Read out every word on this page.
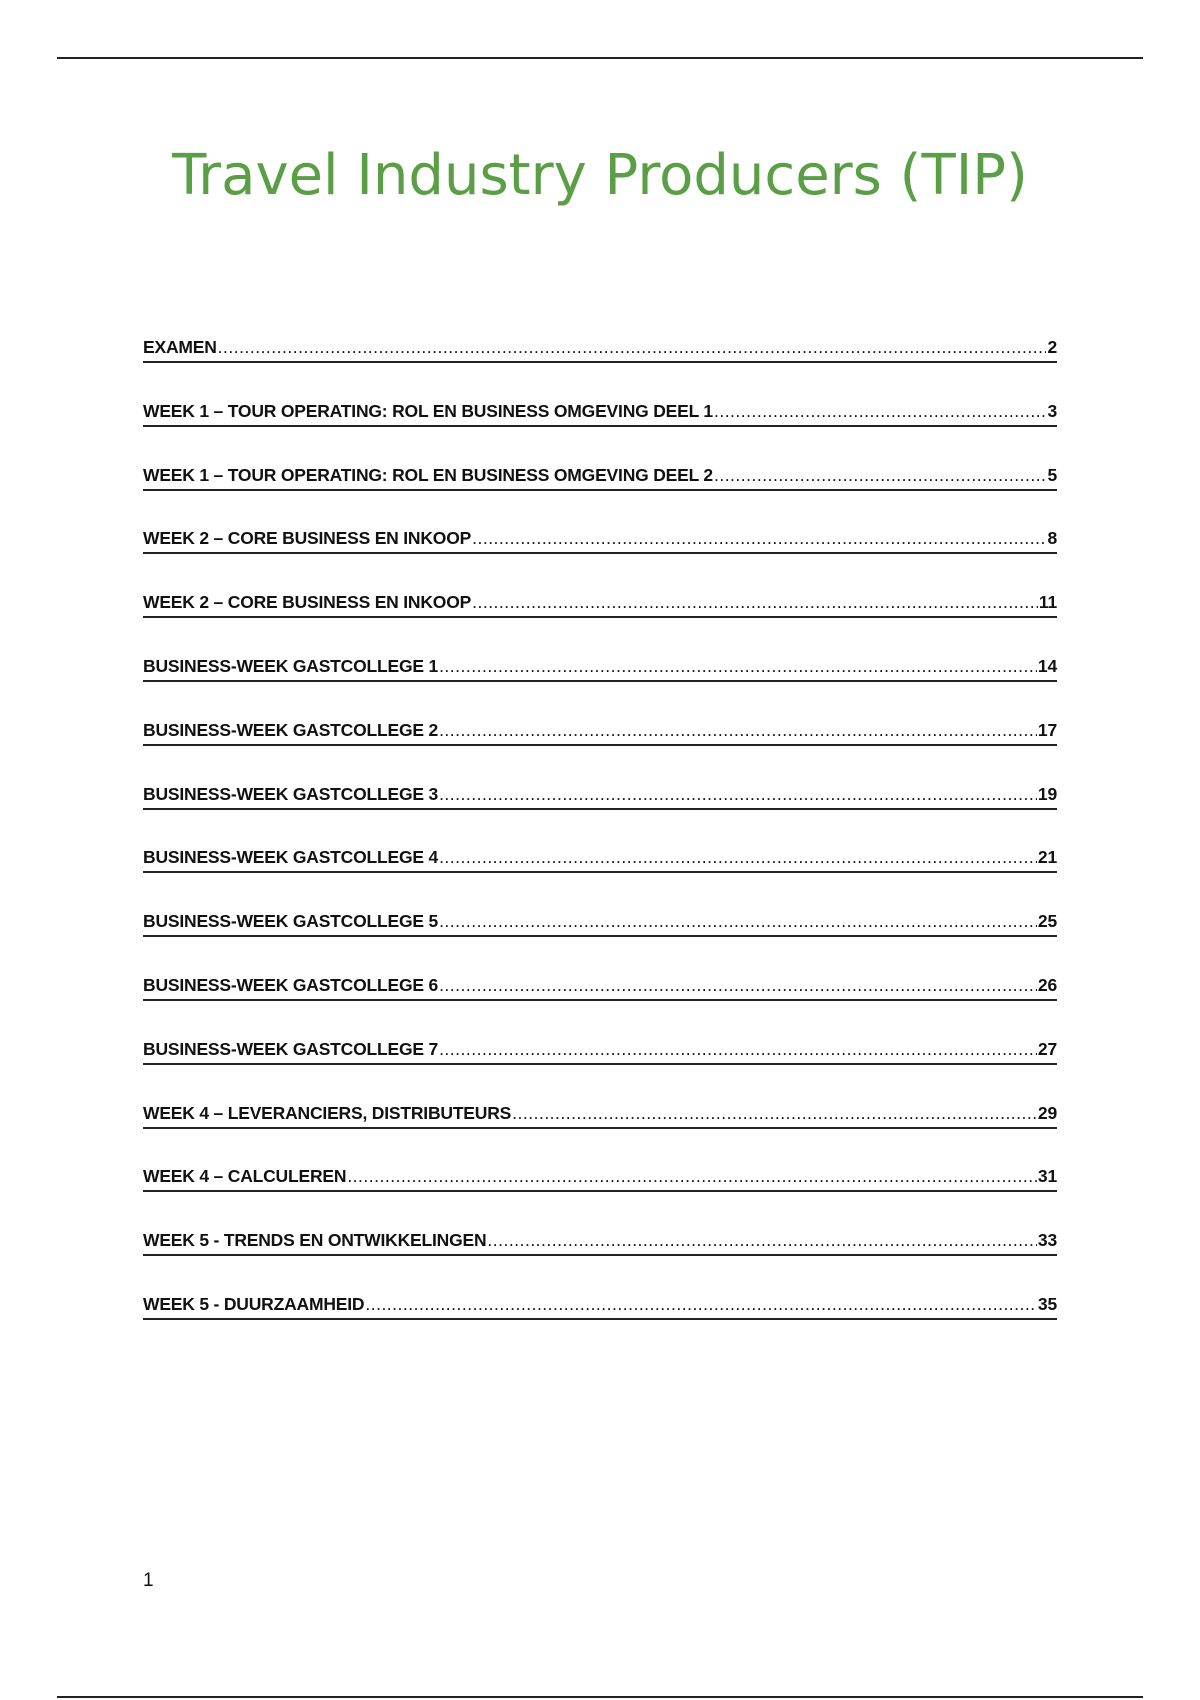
Travel Industry Producers (TIP)
EXAMEN .....	2
WEEK 1 – TOUR OPERATING: ROL EN BUSINESS OMGEVING DEEL 1 .....	3
WEEK 1 – TOUR OPERATING: ROL EN BUSINESS OMGEVING DEEL 2 .....	5
WEEK 2 – CORE BUSINESS EN INKOOP .....	8
WEEK 2 – CORE BUSINESS EN INKOOP .....	11
BUSINESS-WEEK GASTCOLLEGE 1 .....	14
BUSINESS-WEEK GASTCOLLEGE 2 .....	17
BUSINESS-WEEK GASTCOLLEGE 3 .....	19
BUSINESS-WEEK GASTCOLLEGE 4 .....	21
BUSINESS-WEEK GASTCOLLEGE 5 .....	25
BUSINESS-WEEK GASTCOLLEGE 6 .....	26
BUSINESS-WEEK GASTCOLLEGE 7 .....	27
WEEK 4 – LEVERANCIERS, DISTRIBUTEURS .....	29
WEEK 4 – CALCULEREN .....	31
WEEK 5 - TRENDS EN ONTWIKKELINGEN .....	33
WEEK 5 - DUURZAAMHEID .....	35
1
